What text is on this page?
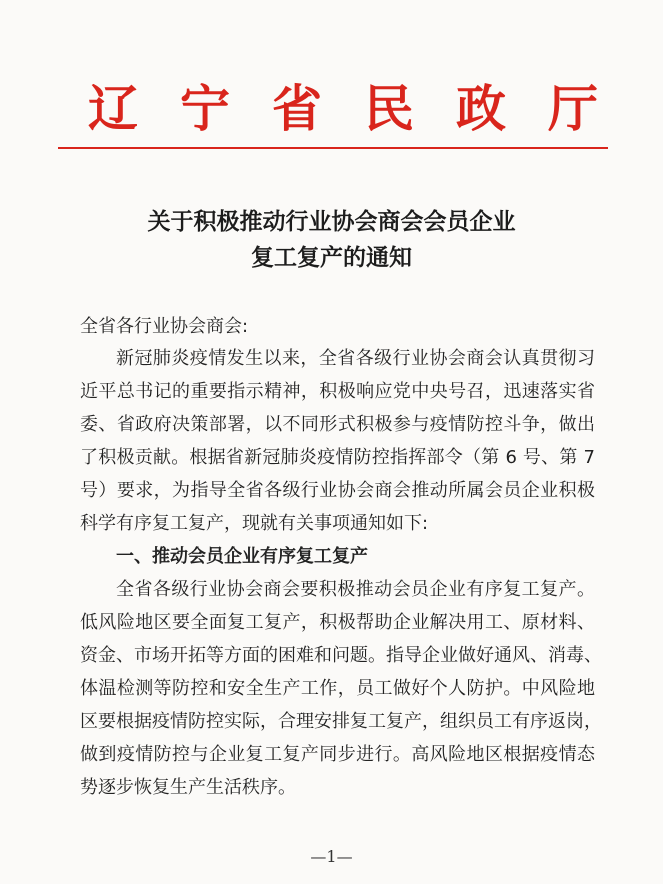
辽 宁 省 民 政 厅
关于积极推动行业协会商会会员企业
复工复产的通知
全省各行业协会商会:
新冠肺炎疫情发生以来，全省各级行业协会商会认真贯彻习
近平总书记的重要指示精神，积极响应党中央号召，迅速落实省
委、省政府决策部署，以不同形式积极参与疫情防控斗争，做出
了积极贡献。根据省新冠肺炎疫情防控指挥部令（第 6 号、第 7
号）要求，为指导全省各级行业协会商会推动所属会员企业积极
科学有序复工复产，现就有关事项通知如下:
一、推动会员企业有序复工复产
全省各级行业协会商会要积极推动会员企业有序复工复产。
低风险地区要全面复工复产，积极帮助企业解决用工、原材料、
资金、市场开拓等方面的困难和问题。指导企业做好通风、消毒、
体温检测等防控和安全生产工作，员工做好个人防护。中风险地
区要根据疫情防控实际，合理安排复工复产，组织员工有序返岗，
做到疫情防控与企业复工复产同步进行。高风险地区根据疫情态
势逐步恢复生产生活秩序。
—1—
